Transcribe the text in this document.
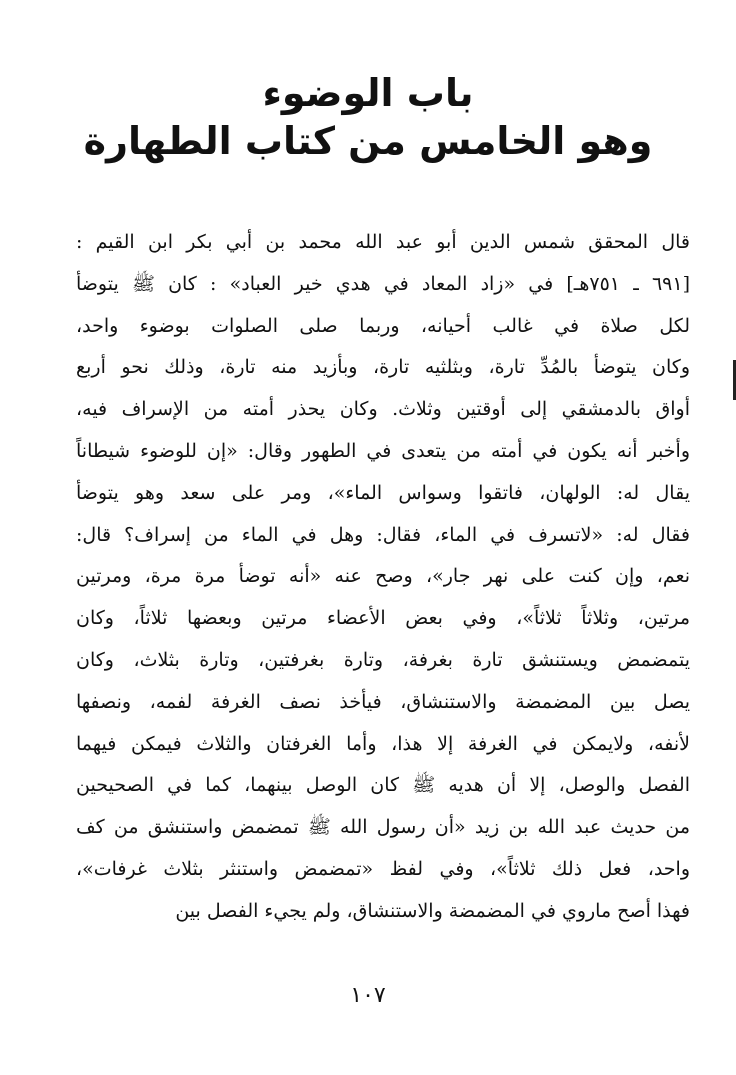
باب الوضوء
وهو الخامس من كتاب الطهارة
قال المحقق شمس الدين أبو عبد الله محمد بن أبي بكر ابن القيم :
[٦٩١ ـ ٧٥١هـ] في «زاد المعاد في هدي خير العباد» : كان ﷺ يتوضأ
لكل صلاة في غالب أحيانه، وربما صلى الصلوات بوضوء واحد،
وكان يتوضأ بالمُدِّ تارة، وبثلثيه تارة، وبأزيد منه تارة، وذلك نحو أربع
أواق بالدمشقي إلى أوقتين وثلاث. وكان يحذر أمته من الإسراف فيه،
وأخبر أنه يكون في أمته من يتعدى في الطهور وقال: «إن للوضوء شيطاناً
يقال له: الولهان، فاتقوا وسواس الماء»، ومر على سعد وهو يتوضأ
فقال له: «لاتسرف في الماء، فقال: وهل في الماء من إسراف؟ قال:
نعم، وإن كنت على نهر جار»، وصح عنه «أنه توضأ مرة مرة، ومرتين
مرتين، وثلاثاً ثلاثاً»، وفي بعض الأعضاء مرتين وبعضها ثلاثاً، وكان
يتمضمض ويستنشق تارة بغرفة، وتارة بغرفتين، وتارة بثلاث، وكان
يصل بين المضمضة والاستنشاق، فيأخذ نصف الغرفة لفمه، ونصفها
لأنفه، ولايمكن في الغرفة إلا هذا، وأما الغرفتان والثلاث فيمكن فيهما
الفصل والوصل، إلا أن هديه ﷺ كان الوصل بينهما، كما في الصحيحين
من حديث عبد الله بن زيد «أن رسول الله ﷺ تمضمض واستنشق من كف
واحد، فعل ذلك ثلاثاً»، وفي لفظ «تمضمض واستنثر بثلاث غرفات»،
فهذا أصح ماروي في المضمضة والاستنشاق، ولم يجيء الفصل بين
١٠٧
